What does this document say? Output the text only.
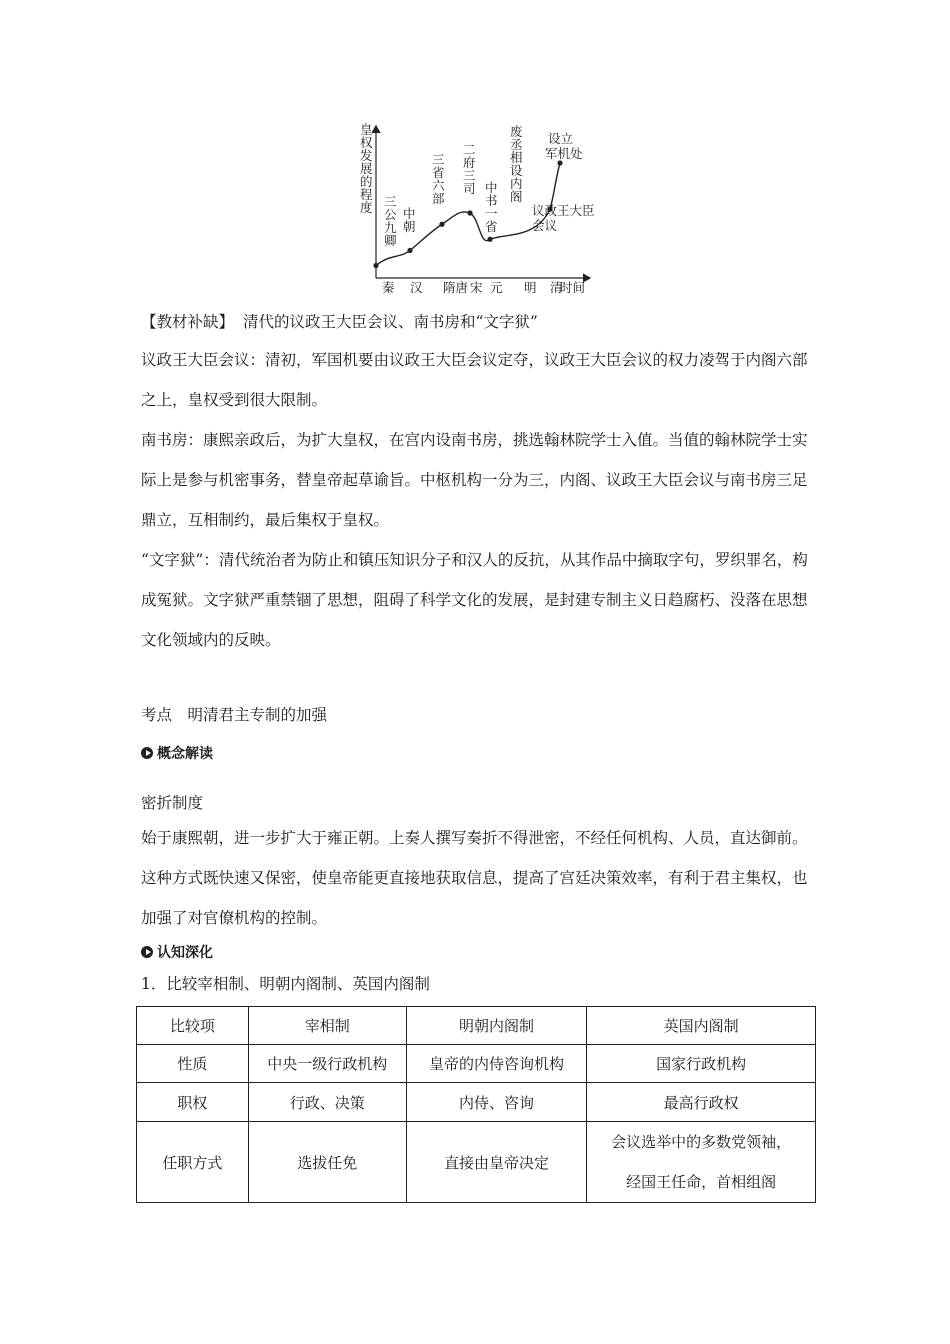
皇权发展的程度 三公九卿
中朝
三省六部
二府三司 中书一省
议政王大臣会议
设立军机处
秦 汉 隋唐 宋 元 明 清
废丞相设内阁
时间
【教材补缺】 清代的议政王大臣会议、南书房和“文字狱”

议政王大臣会议：清初，军国机要由议政王大臣会议定夺，议政王大臣会议的权力凌驾于内阁六部之上，皇权受到很大限制。

南书房：康熙亲政后，为扩大皇权，在宫内设南书房，挑选翰林院学士入值。当值的翰林院学士实际上是参与机密事务，替皇帝起草谕旨。中枢机构一分为三，内阁、议政王大臣会议与南书房三足鼎立，互相制约，最后集权于皇权。

“文字狱”：清代统治者为防止和镇压知识分子和汉人的反抗，从其作品中摘取字句，罗织罪名，构成冤狱。文字狱严重禁锢了思想，阻碍了科学文化的发展，是封建专制主义日趋腐朽、没落在思想文化领域内的反映。

考点　明清君主专制的加强
概念解读
密折制度
始于康熙朝，进一步扩大于雍正朝。上奏人撰写奏折不得泄密，不经任何机构、人员，直达御前。这种方式既快速又保密，使皇帝能更直接地获取信息，提高了宫廷决策效率，有利于君主集权，也加强了对官僚机构的控制。
认知深化
1．比较宰相制、明朝内阁制、英国内阁制
比较项	宰相制	明朝内阁制	英国内阁制
性质	中央一级行政机构	皇帝的内侍咨询机构	国家行政机构
职权	行政、决策	内侍、咨询	最高行政权
任职方式	选拔任免	直接由皇帝决定	会议选举中的多数党领袖，
经国王任命，首相组阁
